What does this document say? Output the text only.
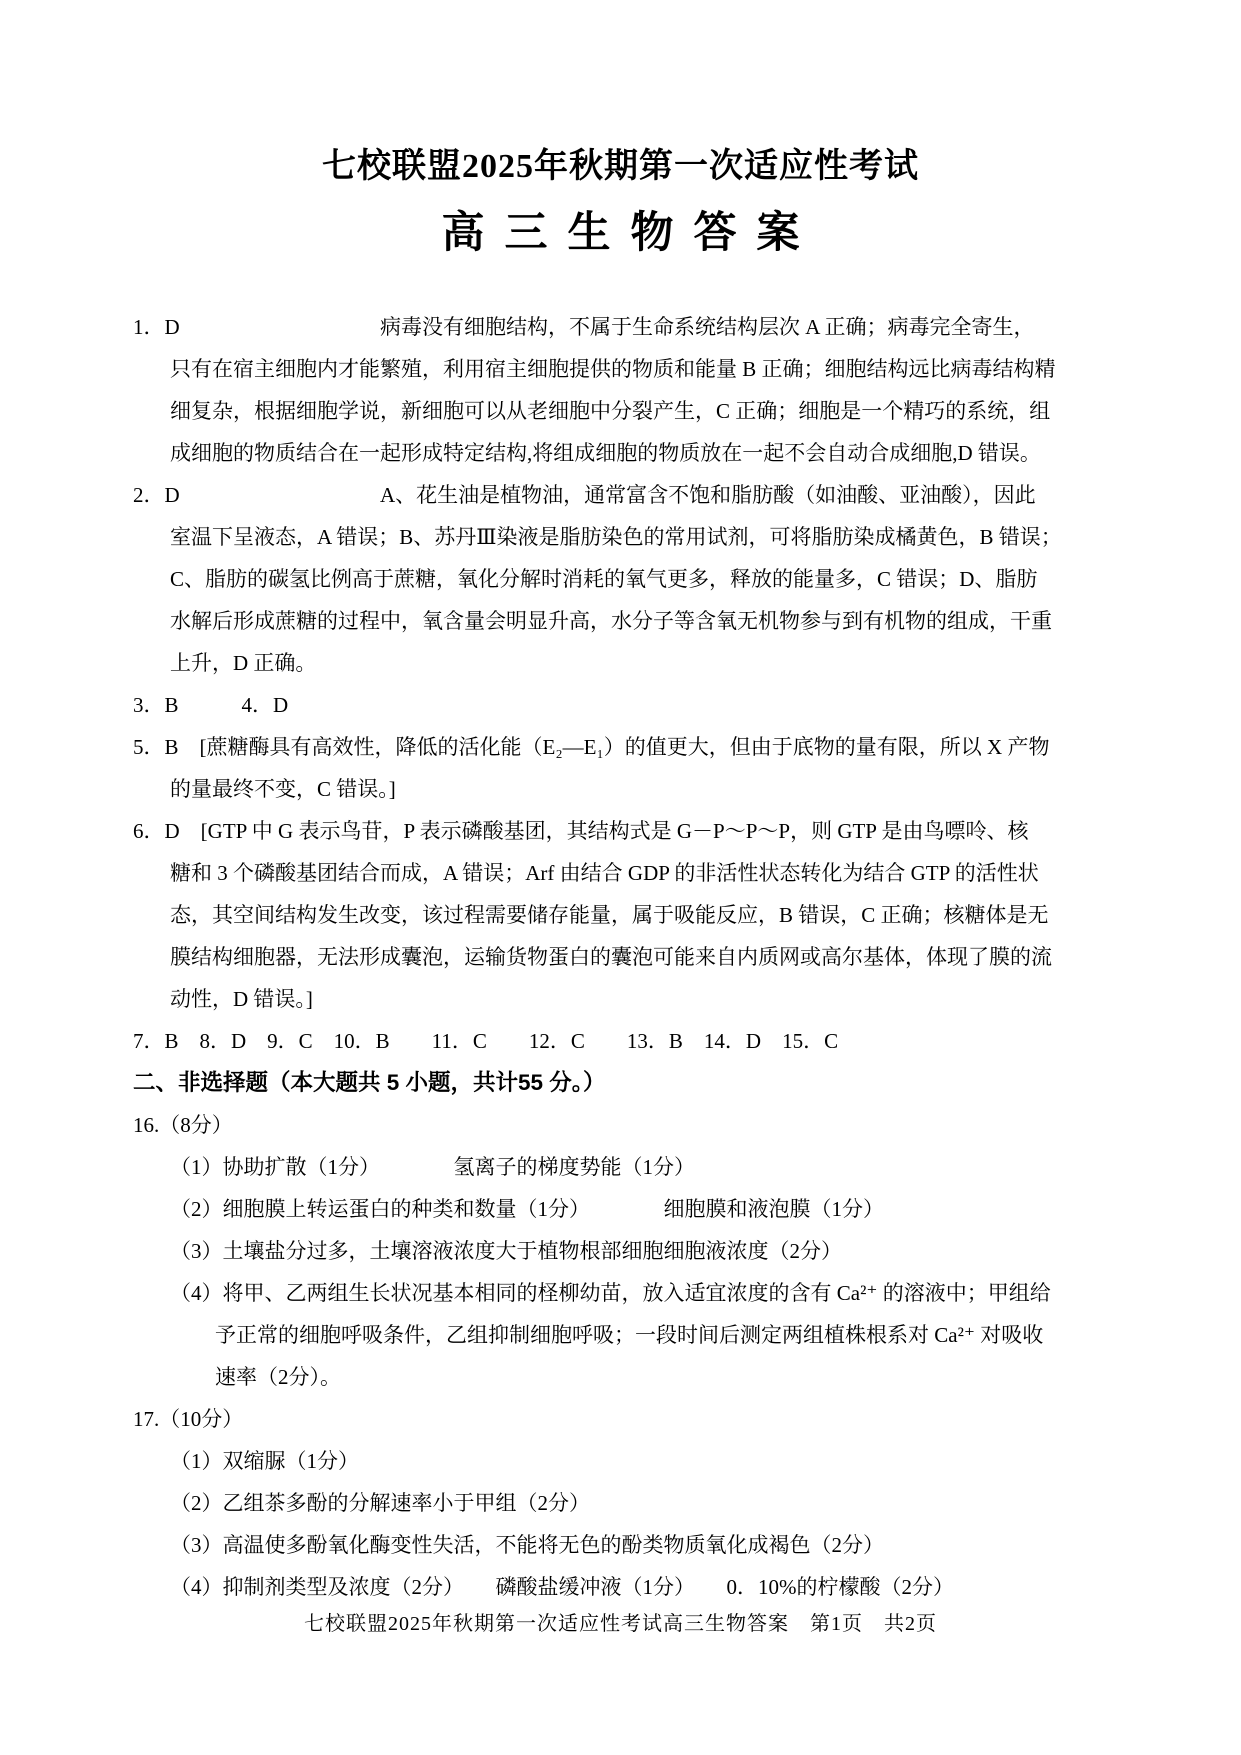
七校联盟2025年秋期第一次适应性考试
高三生物答案
1．D	病毒没有细胞结构，不属于生命系统结构层次 A 正确；病毒完全寄生，
只有在宿主细胞内才能繁殖，利用宿主细胞提供的物质和能量 B 正确；细胞结构远比病毒结构精
细复杂，根据细胞学说，新细胞可以从老细胞中分裂产生，C 正确；细胞是一个精巧的系统，组
成细胞的物质结合在一起形成特定结构,将组成细胞的物质放在一起不会自动合成细胞,D 错误。
2．D	A、花生油是植物油，通常富含不饱和脂肪酸（如油酸、亚油酸），因此
室温下呈液态，A 错误；B、苏丹Ⅲ染液是脂肪染色的常用试剂，可将脂肪染成橘黄色，B 错误；
C、脂肪的碳氢比例高于蔗糖，氧化分解时消耗的氧气更多，释放的能量多，C 错误；D、脂肪
水解后形成蔗糖的过程中，氧含量会明显升高，水分子等含氧无机物参与到有机物的组成，干重
上升，D 正确。
3．B　　　4．D
5．B　[蔗糖酶具有高效性，降低的活化能（E₂—E₁）的值更大，但由于底物的量有限，所以 X 产物
的量最终不变，C 错误。]
6．D　[GTP 中 G 表示鸟苷，P 表示磷酸基团，其结构式是 G－P～P～P，则 GTP 是由鸟嘌呤、核
糖和 3 个磷酸基团结合而成，A 错误；Arf 由结合 GDP 的非活性状态转化为结合 GTP 的活性状
态，其空间结构发生改变，该过程需要储存能量，属于吸能反应，B 错误，C 正确；核糖体是无
膜结构细胞器，无法形成囊泡，运输货物蛋白的囊泡可能来自内质网或高尔基体，体现了膜的流
动性，D 错误。]
7．B　8．D　9．C　10．B　　11．C　　12．C　　13．B　14．D　15．C
二、非选择题（本大题共 5 小题，共计55 分。）
16.（8分）
（1）协助扩散（1分）　　　　氢离子的梯度势能（1分）
（2）细胞膜上转运蛋白的种类和数量（1分）　　　　细胞膜和液泡膜（1分）
（3）土壤盐分过多，土壤溶液浓度大于植物根部细胞细胞液浓度（2分）
（4）将甲、乙两组生长状况基本相同的柽柳幼苗，放入适宜浓度的含有 Ca²⁺ 的溶液中；甲组给
予正常的细胞呼吸条件，乙组抑制细胞呼吸；一段时间后测定两组植株根系对 Ca²⁺ 对吸收
速率（2分）。
17.（10分）
（1）双缩脲（1分）
（2）乙组茶多酚的分解速率小于甲组（2分）
（3）高温使多酚氧化酶变性失活，不能将无色的酚类物质氧化成褐色（2分）
（4）抑制剂类型及浓度（2分）　　磷酸盐缓冲液（1分）　　0．10%的柠檬酸（2分）
七校联盟2025年秋期第一次适应性考试高三生物答案　第1页　共2页
